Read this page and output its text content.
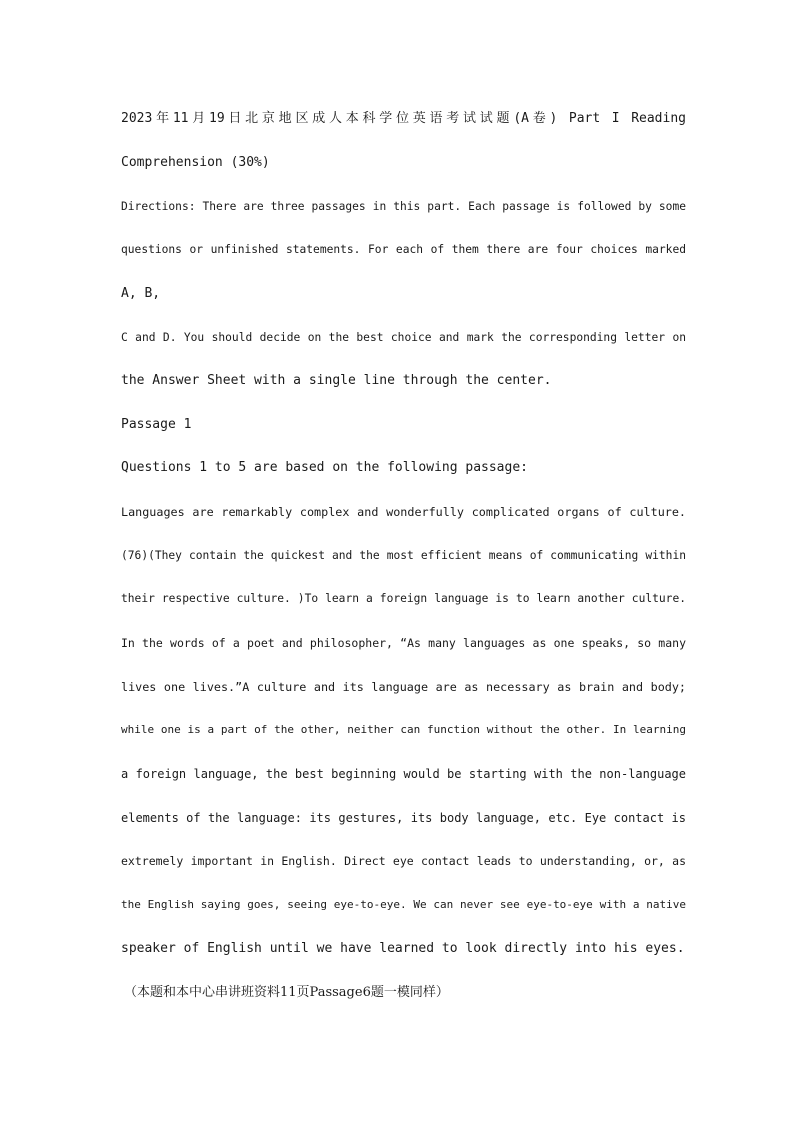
2023年11月19日北京地区成人本科学位英语考试试题(A卷) Part I Reading
Comprehension (30%)
Directions: There are three passages in this part. Each passage is followed by some
questions or unfinished statements. For each of them there are four choices marked
A, B,
C and D. You should decide on the best choice and mark the corresponding letter on
the Answer Sheet with a single line through the center.
Passage 1
Questions 1 to 5 are based on the following passage:
Languages are remarkably complex and wonderfully complicated organs of culture.
(76)(They contain the quickest and the most efficient means of communicating within
their respective culture. )To learn a foreign language is to learn another culture.
In the words of a poet and philosopher, “As many languages as one speaks, so many
lives one lives.”A culture and its language are as necessary as brain and body;
while one is a part of the other, neither can function without the other. In learning
a foreign language, the best beginning would be starting with the non-language
elements of the language: its gestures, its body language, etc. Eye contact is
extremely important in English. Direct eye contact leads to understanding, or, as
the English saying goes, seeing eye-to-eye. We can never see eye-to-eye with a native
speaker of English until we have learned to look directly into his eyes.
（本题和本中心串讲班资料11页Passage6题一模同样）
